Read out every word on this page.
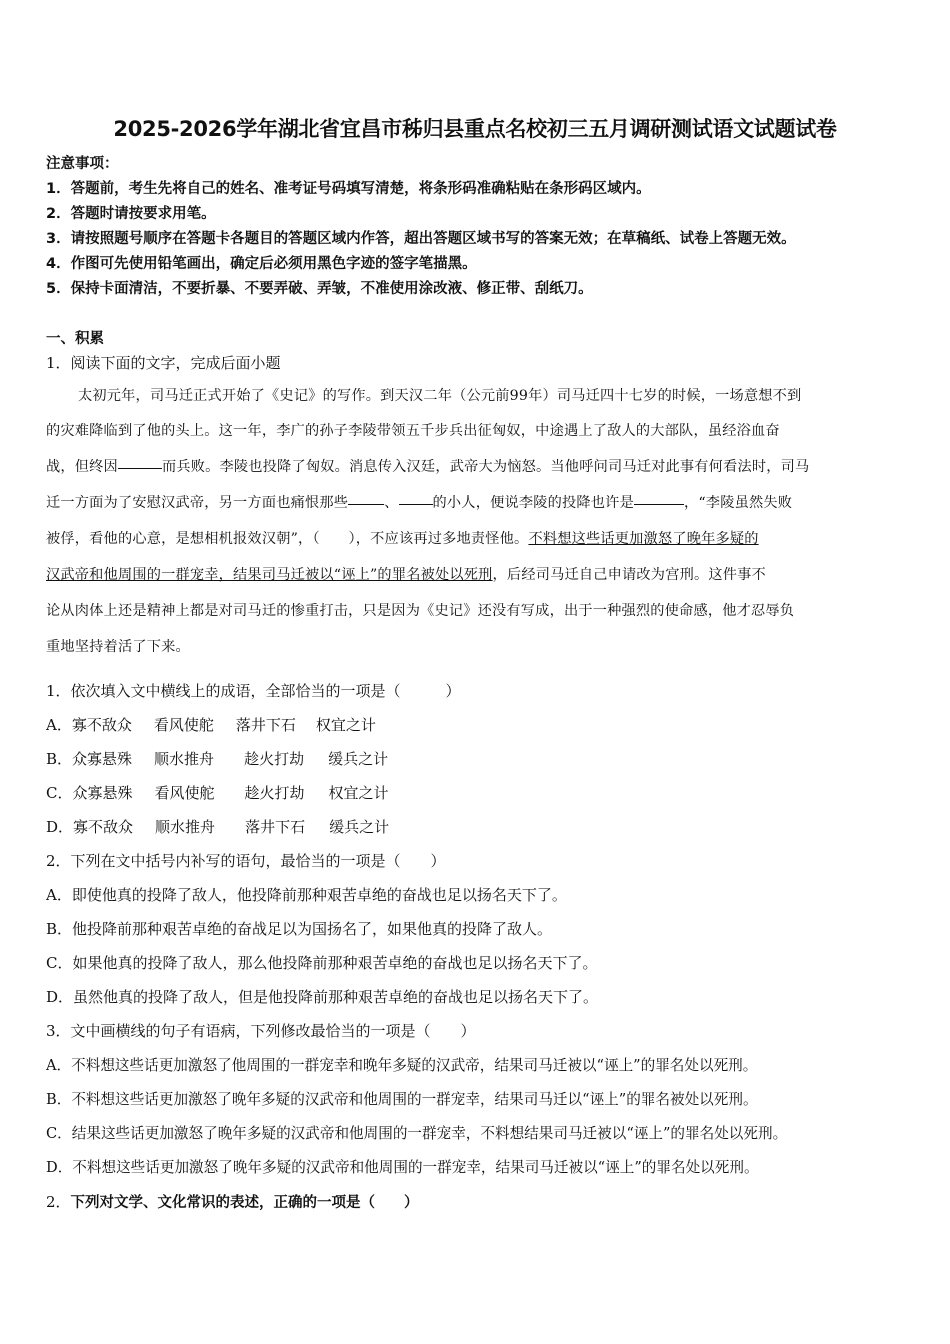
2025-2026学年湖北省宜昌市秭归县重点名校初三五月调研测试语文试题试卷
注意事项：
1．答题前，考生先将自己的姓名、准考证号码填写清楚，将条形码准确粘贴在条形码区域内。
2．答题时请按要求用笔。
3．请按照题号顺序在答题卡各题目的答题区域内作答，超出答题区域书写的答案无效；在草稿纸、试卷上答题无效。
4．作图可先使用铅笔画出，确定后必须用黑色字迹的签字笔描黑。
5．保持卡面清洁，不要折暴、不要弄破、弄皱，不准使用涂改液、修正带、刮纸刀。
一、积累
1．阅读下面的文字，完成后面小题
太初元年，司马迁正式开始了《史记》的写作。到天汉二年（公元前99年）司马迁四十七岁的时候，一场意想不到
的灾难降临到了他的头上。这一年，李广的孙子李陵带领五千步兵出征匈奴，中途遇上了敌人的大部队，虽经浴血奋
战，但终因	而兵败。李陵也投降了匈奴。消息传入汉廷，武帝大为恼怒。当他呼问司马迁对此事有何看法时，司马
迁一方面为了安慰汉武帝，另一方面也痛恨那些	、 的小人，便说李陵的投降也许是	，“李陵虽然失败
被俘，看他的心意，是想相机报效汉朝”，（　　），不应该再过多地责怪他。 不料想这些话更加激怒了晚年多疑的
汉武帝和他周围的一群宠幸，结果司马迁被以“诬上”的罪名被处以死刑 ，后经司马迁自己申请改为宫刑。这件事不
论从肉体上还是精神上都是对司马迁的惨重打击，只是因为《史记》还没有写成，出于一种强烈的使命感，他才忍辱负
重地坚持着活了下来。
1．依次填入文中横线上的成语，全部恰当的一项是（　　　）
A．寡不敌众 看风使舵 落井下石 权宜之计
B．众寡悬殊 顺水推舟 趁火打劫 缓兵之计
C．众寡悬殊 看风使舵 趁火打劫 权宜之计
D．寡不敌众 顺水推舟 落井下石 缓兵之计
2．下列在文中括号内补写的语句，最恰当的一项是（　　）
A．即使他真的投降了敌人，他投降前那种艰苦卓绝的奋战也足以扬名天下了。
B．他投降前那种艰苦卓绝的奋战足以为国扬名了，如果他真的投降了敌人。
C．如果他真的投降了敌人，那么他投降前那种艰苦卓绝的奋战也足以扬名天下了。
D．虽然他真的投降了敌人，但是他投降前那种艰苦卓绝的奋战也足以扬名天下了。
3．文中画横线的句子有语病，下列修改最恰当的一项是（　　）
A．不料想这些话更加激怒了他周围的一群宠幸和晚年多疑的汉武帝，结果司马迁被以“诬上”的罪名处以死刑。
B．不料想这些话更加激怒了晚年多疑的汉武帝和他周围的一群宠幸，结果司马迁以“诬上”的罪名被处以死刑。
C．结果这些话更加激怒了晚年多疑的汉武帝和他周围的一群宠幸，不料想结果司马迁被以“诬上”的罪名处以死刑。
D．不料想这些话更加激怒了晚年多疑的汉武帝和他周围的一群宠幸，结果司马迁被以“诬上”的罪名处以死刑。
2．下列对文学、文化常识的表述，正确的一项是（　　）
